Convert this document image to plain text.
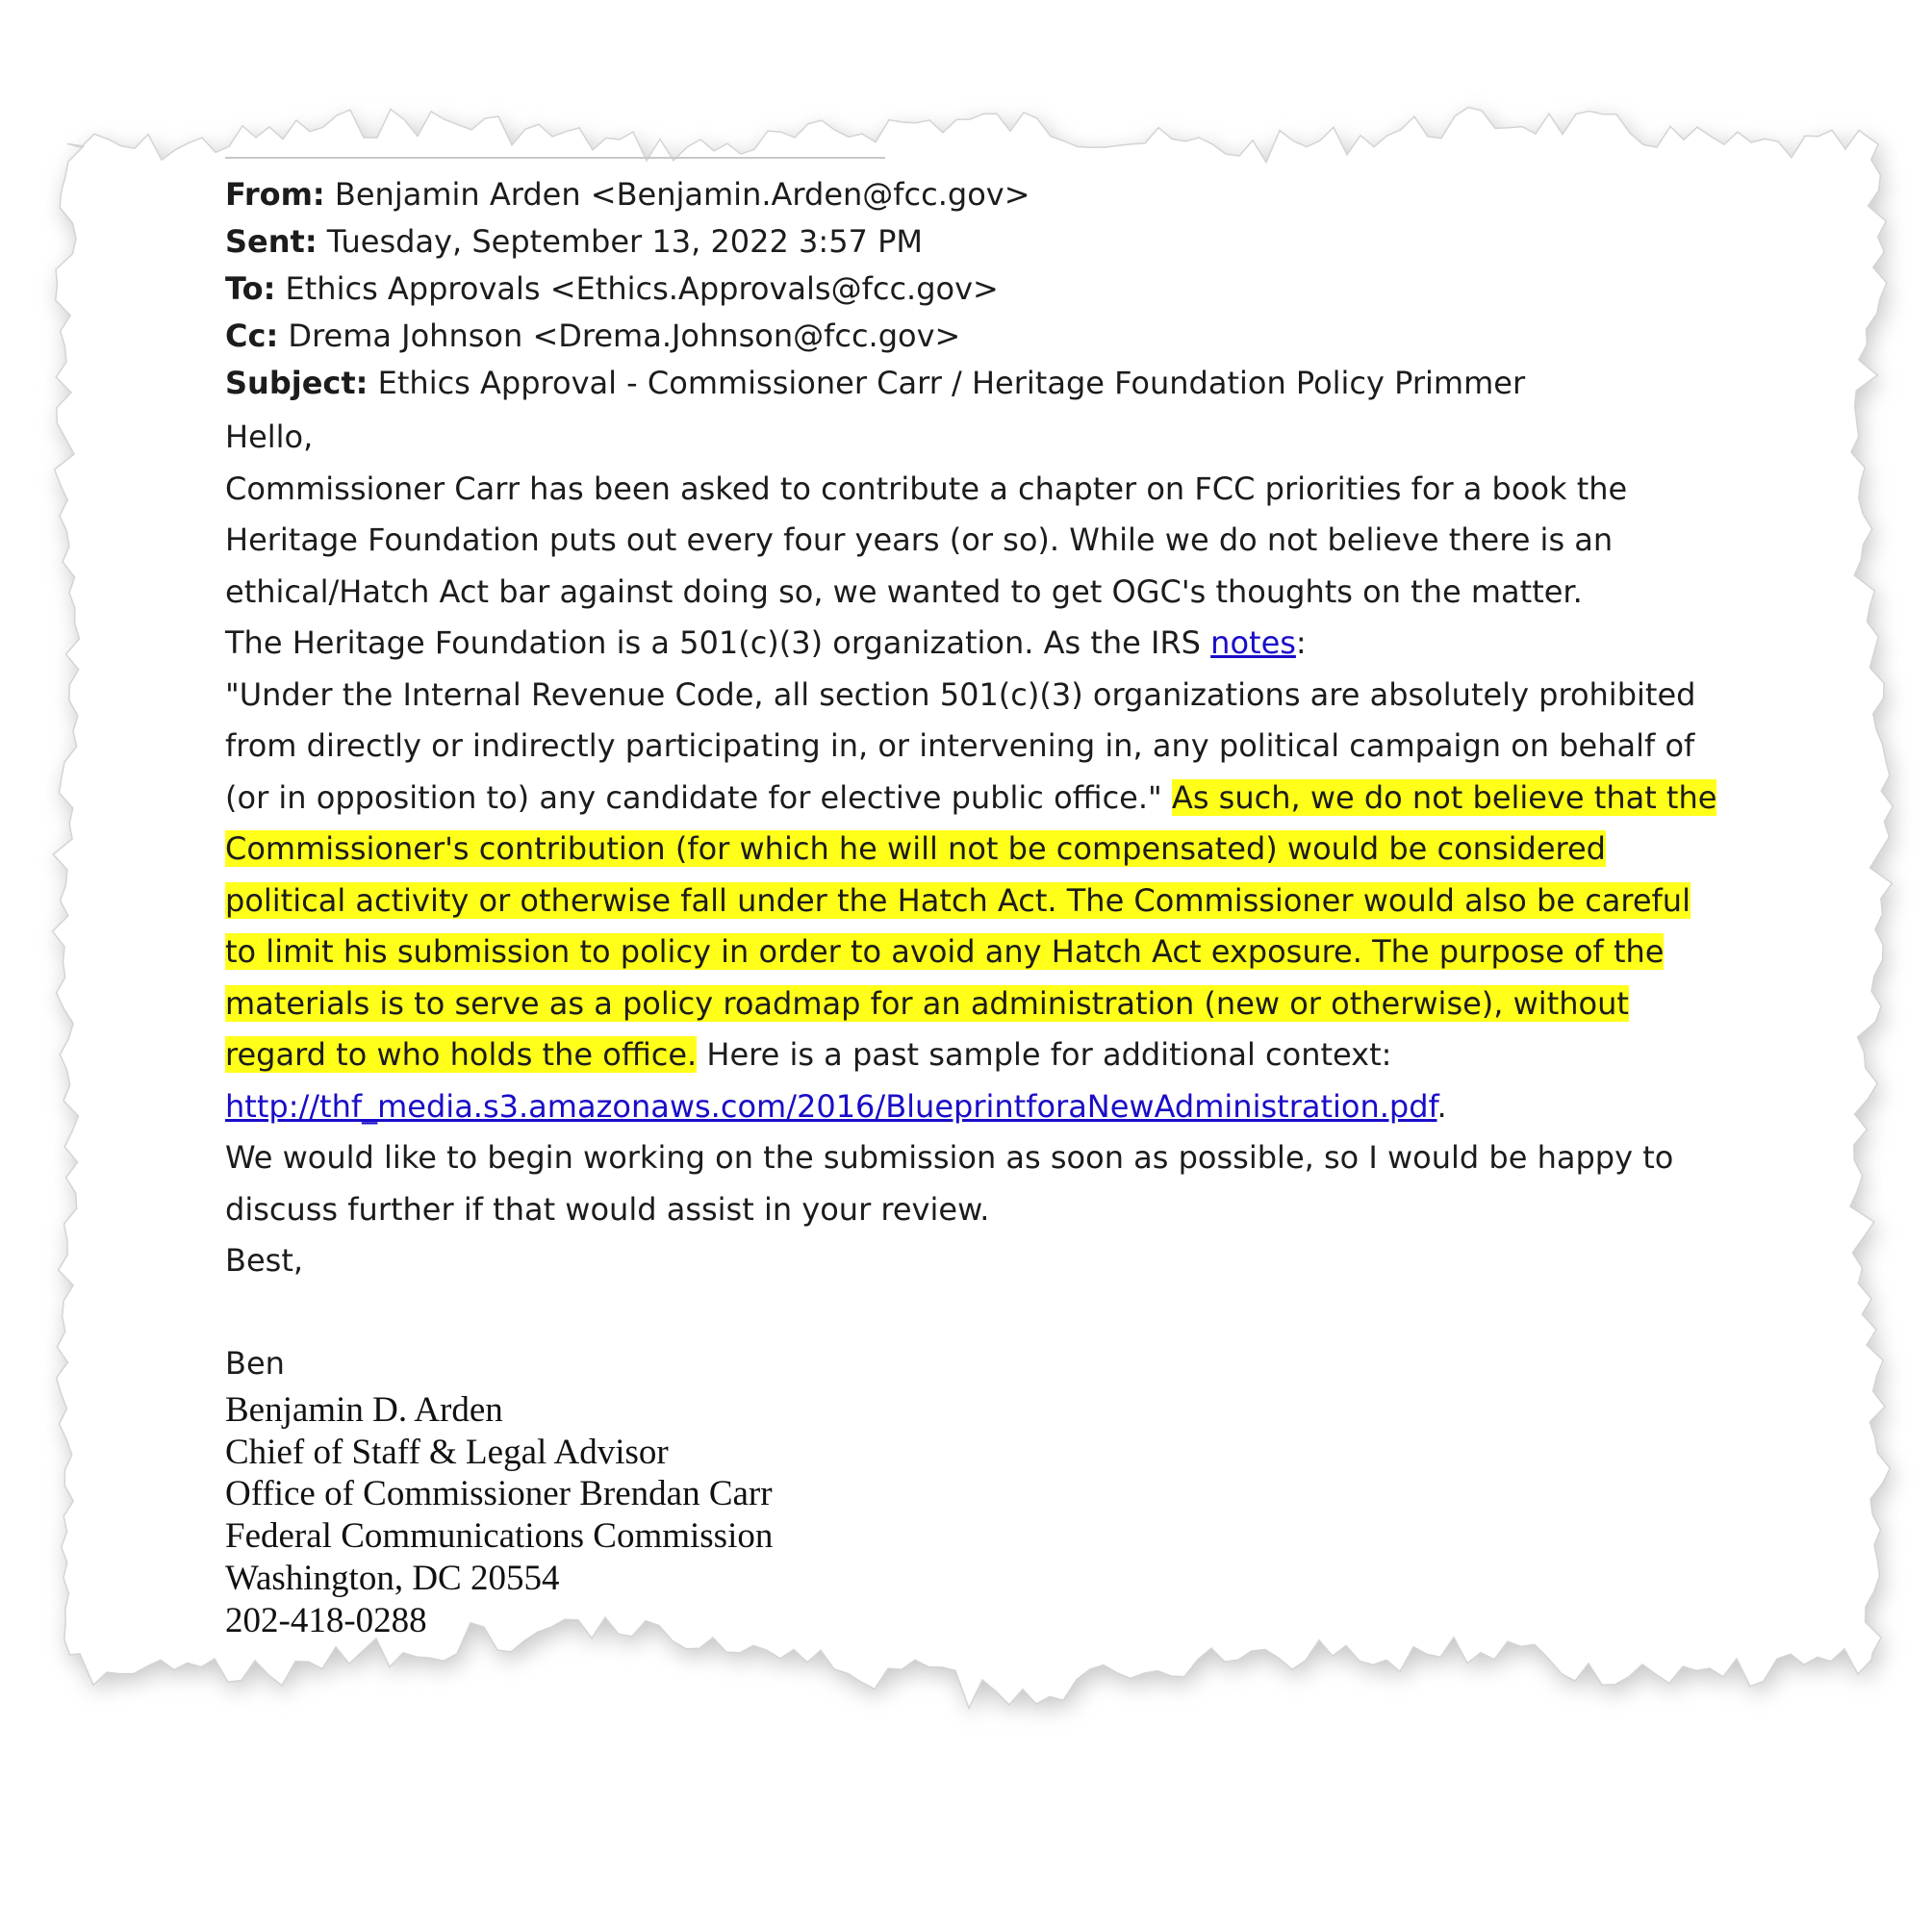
From: Benjamin Arden <Benjamin.Arden@fcc.gov>
Sent: Tuesday, September 13, 2022 3:57 PM
To: Ethics Approvals <Ethics.Approvals@fcc.gov>
Cc: Drema Johnson <Drema.Johnson@fcc.gov>
Subject: Ethics Approval - Commissioner Carr / Heritage Foundation Policy Primmer

Hello,

Commissioner Carr has been asked to contribute a chapter on FCC priorities for a book the Heritage Foundation puts out every four years (or so). While we do not believe there is an ethical/Hatch Act bar against doing so, we wanted to get OGC's thoughts on the matter.

The Heritage Foundation is a 501(c)(3) organization. As the IRS notes:

"Under the Internal Revenue Code, all section 501(c)(3) organizations are absolutely prohibited from directly or indirectly participating in, or intervening in, any political campaign on behalf of (or in opposition to) any candidate for elective public office." As such, we do not believe that the Commissioner's contribution (for which he will not be compensated) would be considered political activity or otherwise fall under the Hatch Act. The Commissioner would also be careful to limit his submission to policy in order to avoid any Hatch Act exposure. The purpose of the materials is to serve as a policy roadmap for an administration (new or otherwise), without regard to who holds the office. Here is a past sample for additional context: http://thf_media.s3.amazonaws.com/2016/BlueprintforaNewAdministration.pdf.

We would like to begin working on the submission as soon as possible, so I would be happy to discuss further if that would assist in your review.

Best,

Ben

Benjamin D. Arden
Chief of Staff & Legal Advisor
Office of Commissioner Brendan Carr
Federal Communications Commission
Washington, DC 20554
202-418-0288
